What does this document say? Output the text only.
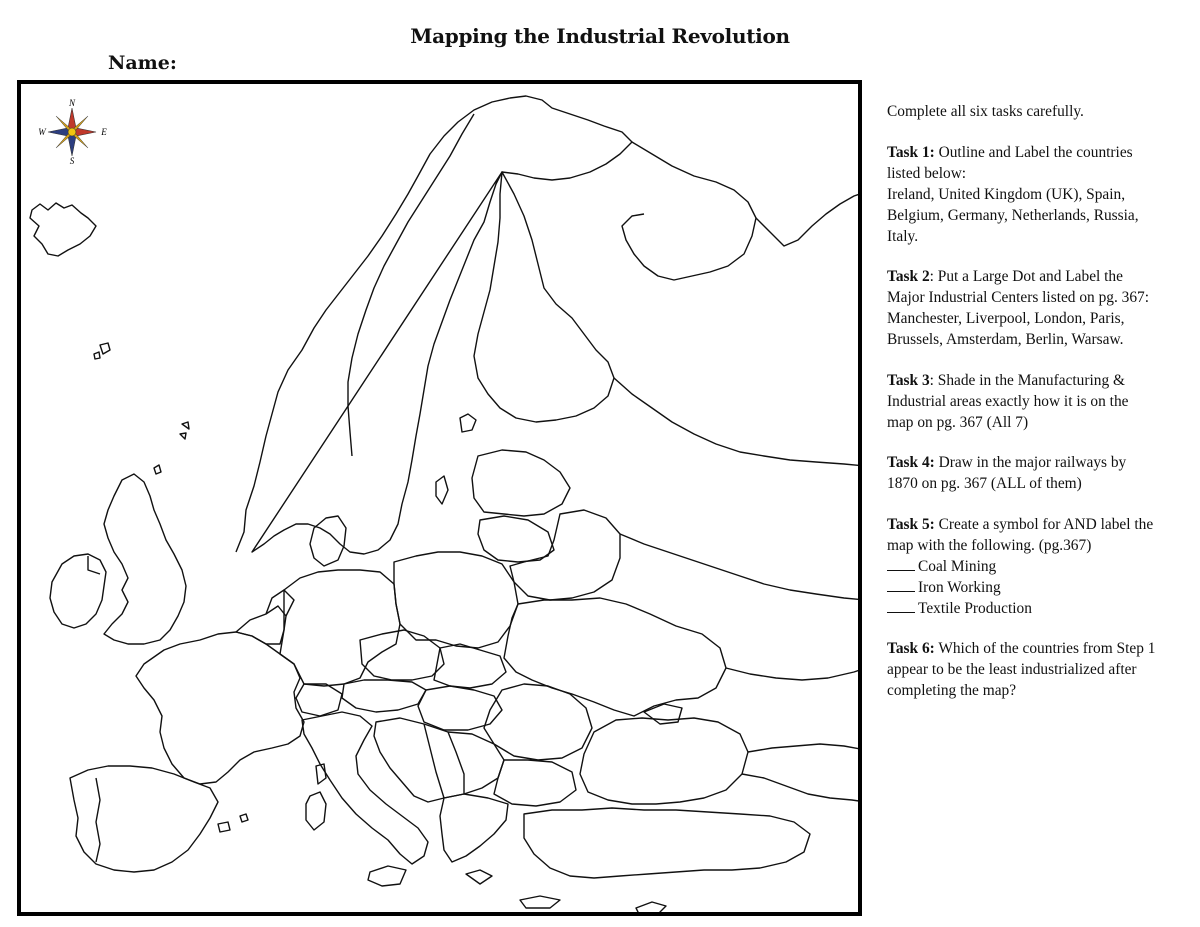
Mapping the Industrial Revolution
Name:
N
S
W	E

Complete all six tasks carefully.

Task 1: Outline and Label the countries listed below:
Ireland, United Kingdom (UK), Spain, Belgium, Germany, Netherlands, Russia, Italy.

Task 2: Put a Large Dot and Label the Major Industrial Centers listed on pg. 367:
Manchester, Liverpool, London, Paris, Brussels, Amsterdam, Berlin, Warsaw.

Task 3: Shade in the Manufacturing & Industrial areas exactly how it is on the map on pg. 367 (All 7)

Task 4: Draw in the major railways by 1870 on pg. 367 (ALL of them)

Task 5: Create a symbol for AND label the map with the following. (pg.367)
Coal Mining
Iron Working
Textile Production

Task 6: Which of the countries from Step 1 appear to be the least industrialized after completing the map?
